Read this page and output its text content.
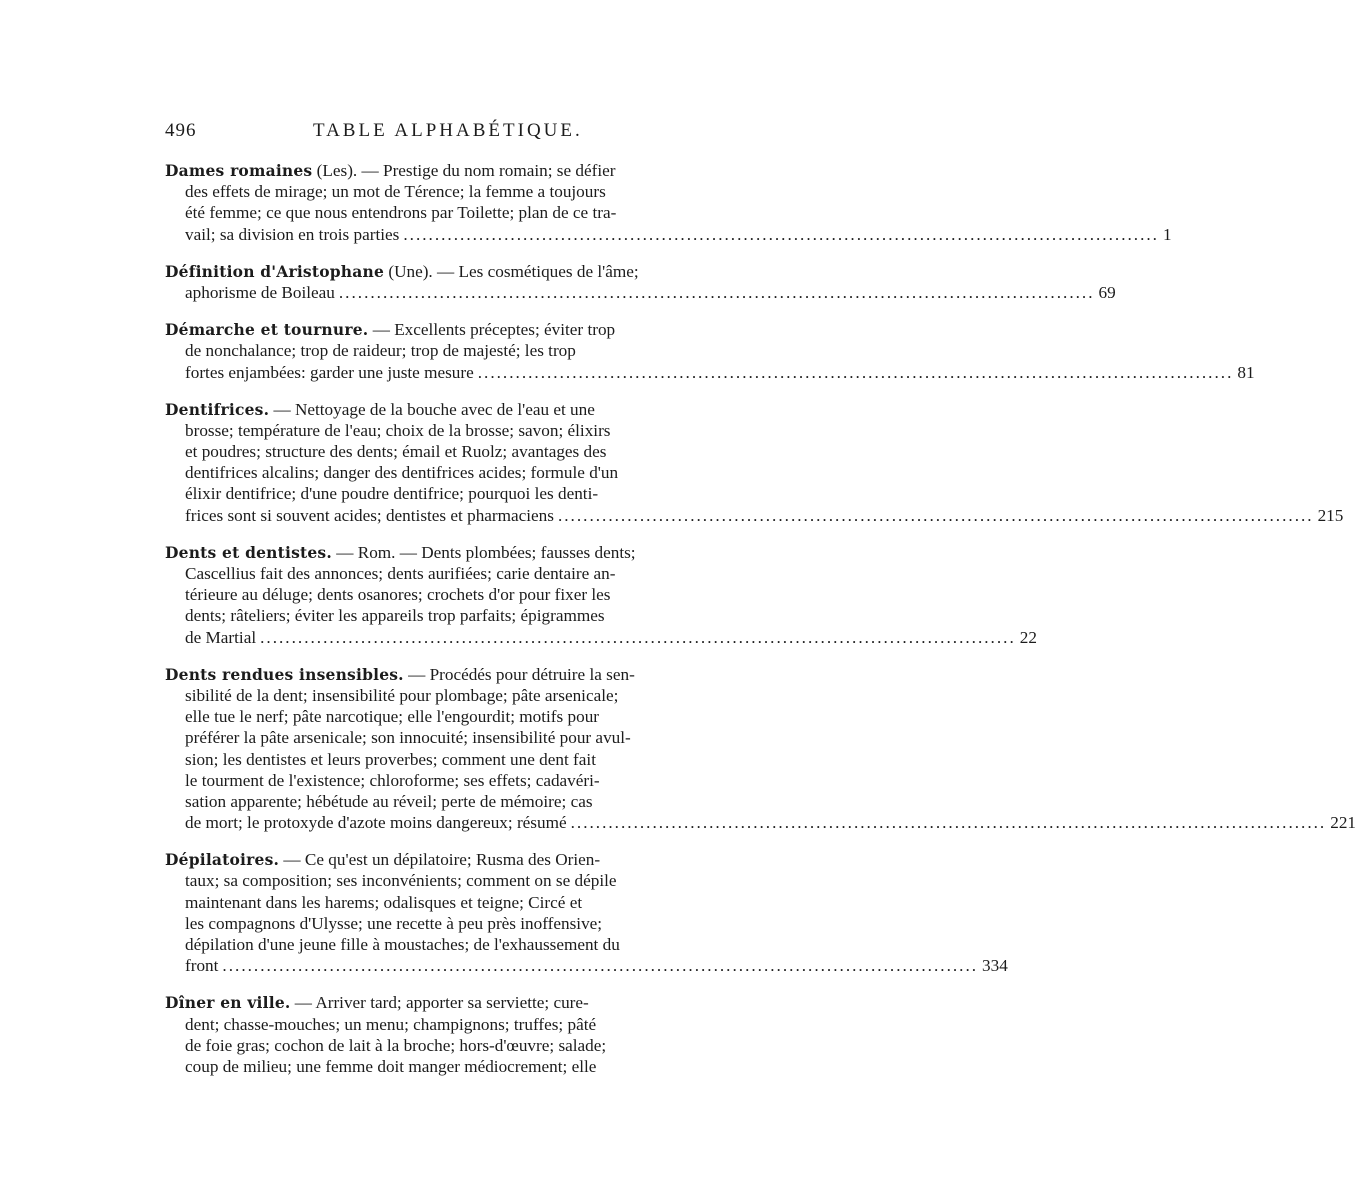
496	TABLE ALPHABÉTIQUE.
Dames romaines (Les). — Prestige du nom romain; se défier
des effets de mirage; un mot de Térence; la femme a toujours
été femme; ce que nous entendrons par Toilette; plan de ce tra-
vail; sa division en trois parties ........................................................................................................................ 1
Définition d'Aristophane (Une). — Les cosmétiques de l'âme;
aphorisme de Boileau ........................................................................................................................ 69
Démarche et tournure. — Excellents préceptes; éviter trop
de nonchalance; trop de raideur; trop de majesté; les trop
fortes enjambées: garder une juste mesure ........................................................................................................................ 81
Dentifrices. — Nettoyage de la bouche avec de l'eau et une
brosse; température de l'eau; choix de la brosse; savon; élixirs
et poudres; structure des dents; émail et Ruolz; avantages des
dentifrices alcalins; danger des dentifrices acides; formule d'un
élixir dentifrice; d'une poudre dentifrice; pourquoi les denti-
frices sont si souvent acides; dentistes et pharmaciens ........................................................................................................................ 215
Dents et dentistes. — Rom. — Dents plombées; fausses dents;
Cascellius fait des annonces; dents aurifiées; carie dentaire an-
térieure au déluge; dents osanores; crochets d'or pour fixer les
dents; râteliers; éviter les appareils trop parfaits; épigrammes
de Martial ........................................................................................................................ 22
Dents rendues insensibles. — Procédés pour détruire la sen-
sibilité de la dent; insensibilité pour plombage; pâte arsenicale;
elle tue le nerf; pâte narcotique; elle l'engourdit; motifs pour
préférer la pâte arsenicale; son innocuité; insensibilité pour avul-
sion; les dentistes et leurs proverbes; comment une dent fait
le tourment de l'existence; chloroforme; ses effets; cadavéri-
sation apparente; hébétude au réveil; perte de mémoire; cas
de mort; le protoxyde d'azote moins dangereux; résumé ........................................................................................................................ 221
Dépilatoires. — Ce qu'est un dépilatoire; Rusma des Orien-
taux; sa composition; ses inconvénients; comment on se dépile
maintenant dans les harems; odalisques et teigne; Circé et
les compagnons d'Ulysse; une recette à peu près inoffensive;
dépilation d'une jeune fille à moustaches; de l'exhaussement du
front ........................................................................................................................ 334
Dîner en ville. — Arriver tard; apporter sa serviette; cure-
dent; chasse-mouches; un menu; champignons; truffes; pâté
de foie gras; cochon de lait à la broche; hors-d'œuvre; salade;
coup de milieu; une femme doit manger médiocrement; elle
